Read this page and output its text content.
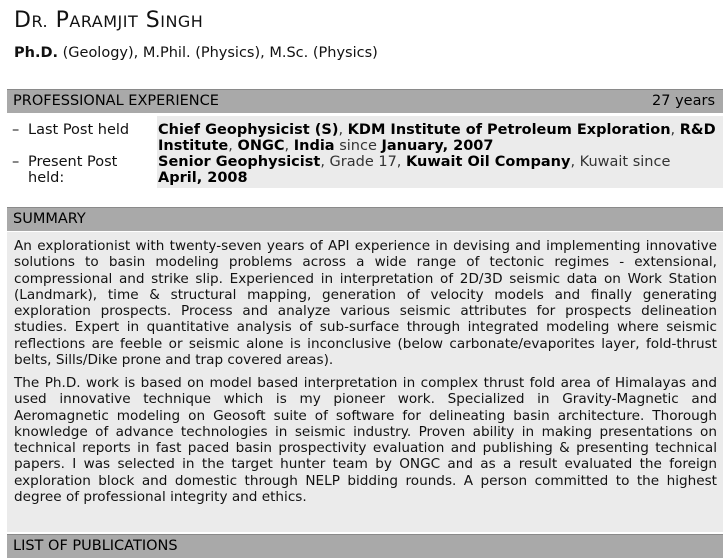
DR. PARAMJIT SINGH
Ph.D. (Geology), M.Phil. (Physics), M.Sc. (Physics)
PROFESSIONAL EXPERIENCE	27 years
– Last Post held	Chief Geophysicist (S), KDM Institute of Petroleum Exploration, R&D Institute, ONGC, India since January, 2007
– Present Post held:
Senior Geophysicist, Grade 17, Kuwait Oil Company, Kuwait since April, 2008
SUMMARY

An explorationist with twenty-seven years of API experience in devising and implementing innovative solutions to basin modeling problems across a wide range of tectonic regimes - extensional, compressional and strike slip. Experienced in interpretation of 2D/3D seismic data on Work Station (Landmark), time & structural mapping, generation of velocity models and finally generating exploration prospects. Process and analyze various seismic attributes for prospects delineation studies. Expert in quantitative analysis of sub-surface through integrated modeling where seismic reflections are feeble or seismic alone is inconclusive (below carbonate/evaporites layer, fold-thrust belts, Sills/Dike prone and trap covered areas).

The Ph.D. work is based on model based interpretation in complex thrust fold area of Himalayas and used innovative technique which is my pioneer work. Specialized in Gravity-Magnetic and Aeromagnetic modeling on Geosoft suite of software for delineating basin architecture. Thorough knowledge of advance technologies in seismic industry. Proven ability in making presentations on technical reports in fast paced basin prospectivity evaluation and publishing & presenting technical papers. I was selected in the target hunter team by ONGC and as a result evaluated the foreign exploration block and domestic through NELP bidding rounds. A person committed to the highest degree of professional integrity and ethics.

LIST OF PUBLICATIONS
